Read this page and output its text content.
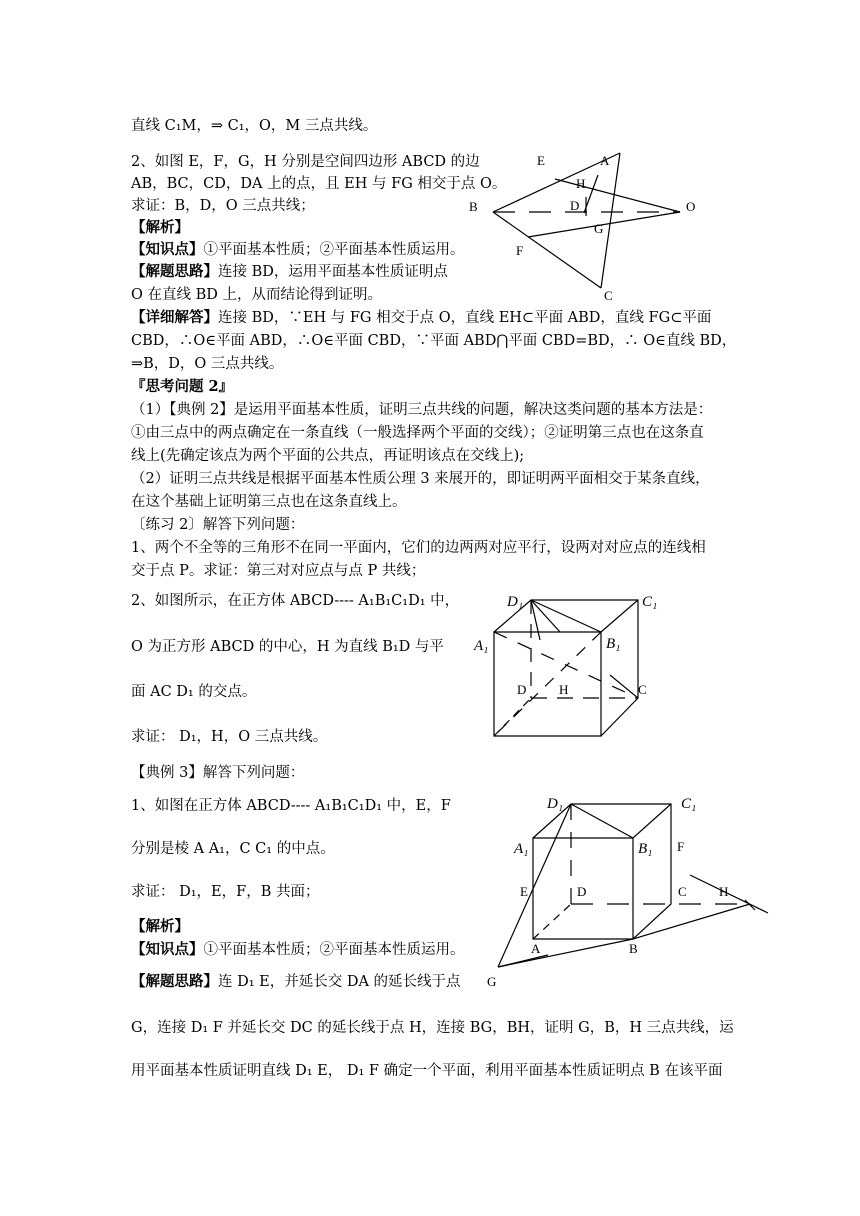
直线 C₁M，⇒ C₁，O，M 三点共线。
2、如图 E，F，G，H 分别是空间四边形 ABCD 的边
AB，BC，CD，DA 上的点，且 EH 与 FG 相交于点 O。
求证：B，D，O 三点共线；
【解析】
【知识点】①平面基本性质；②平面基本性质运用。
【解题思路】连接 BD，运用平面基本性质证明点
O 在直线 BD 上，从而结论得到证明。
【详细解答】连接 BD，∵EH 与 FG 相交于点 O，直线 EH⊂平面 ABD，直线 FG⊂平面
CBD，∴O∈平面 ABD，∴O∈平面 CBD，∵平面 ABD⋂平面 CBD=BD，∴ O∈直线 BD，
⇒B，D，O 三点共线。
『思考问题 2』
（1）【典例 2】是运用平面基本性质，证明三点共线的问题，解决这类问题的基本方法是：
①由三点中的两点确定在一条直线（一般选择两个平面的交线）；②证明第三点也在这条直
线上(先确定该点为两个平面的公共点，再证明该点在交线上);
（2）证明三点共线是根据平面基本性质公理 3 来展开的，即证明两平面相交于某条直线，
在这个基础上证明第三点也在这条直线上。
〔练习 2〕解答下列问题：
1、两个不全等的三角形不在同一平面内，它们的边两两对应平行，设两对对应点的连线相
交于点 P。求证：第三对对应点与点 P 共线；
2、如图所示，在正方体 ABCD---- A₁B₁C₁D₁ 中，
O 为正方形 ABCD 的中心，H 为直线 B₁D 与平
面 AC D₁ 的交点。
求证： D₁，H，O 三点共线。
【典例 3】解答下列问题：
1、如图在正方体 ABCD---- A₁B₁C₁D₁ 中，E，F
分别是棱 A A₁，C C₁ 的中点。
求证： D₁，E，F，B 共面；
【解析】
【知识点】①平面基本性质；②平面基本性质运用。
【解题思路】连 D₁ E，并延长交 DA 的延长线于点
G，连接 D₁ F 并延长交 DC 的延长线于点 H，连接 BG，BH，证明 G，B，H 三点共线，运
用平面基本性质证明直线 D₁ E， D₁ F 确定一个平面，利用平面基本性质证明点 B 在该平面
E	A
H
B	D	O
G
F
C
D₁	C₁
A₁	B₁
D	H	C
D₁	C₁
A₁	B₁ F
E	D	C H
A	B
G
